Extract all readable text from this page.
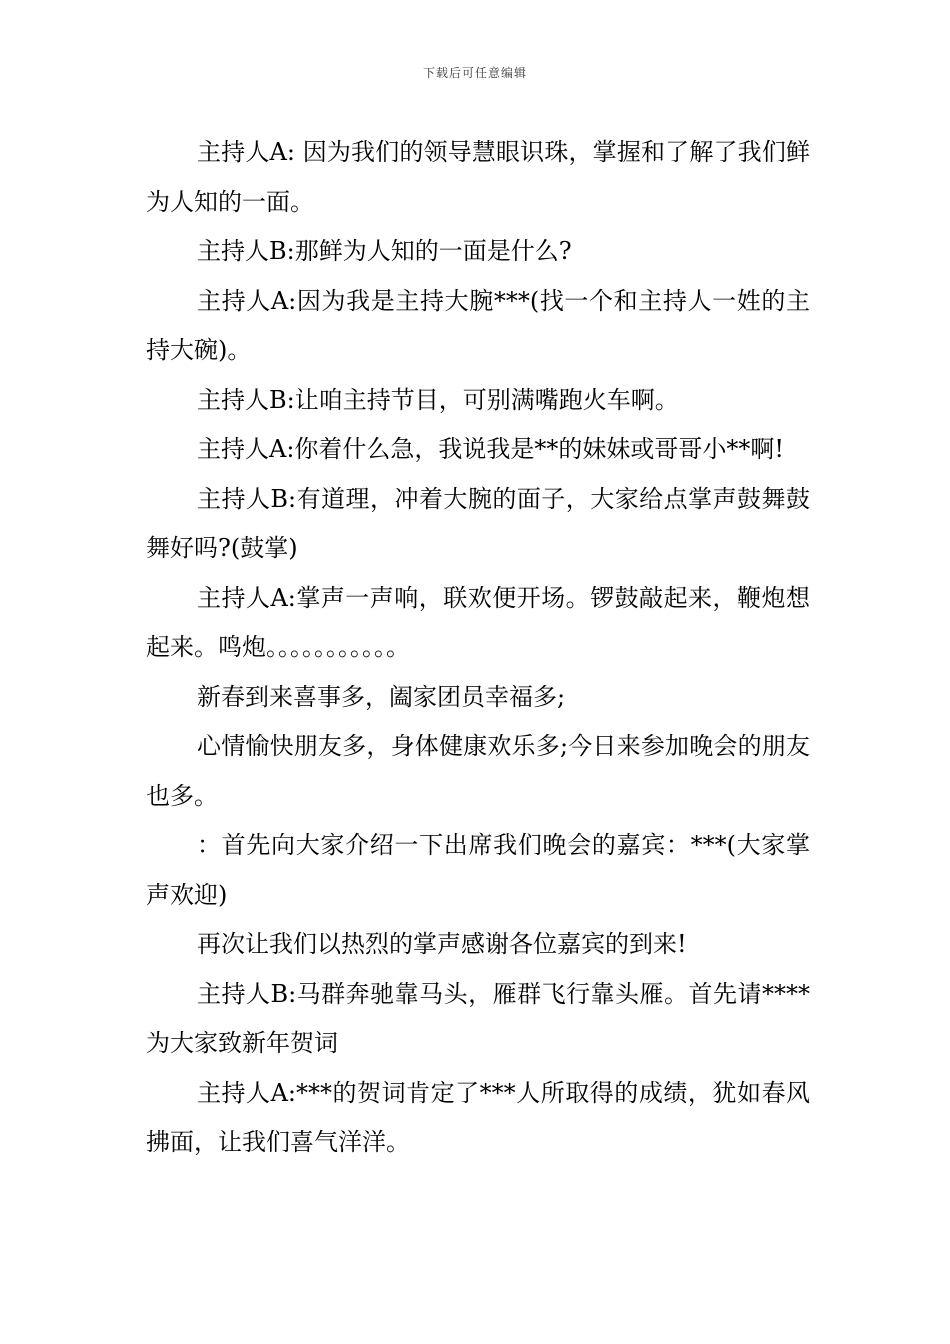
下载后可任意编辑

主持人A: 因为我们的领导慧眼识珠，掌握和了解了我们鲜为人知的一面。

主持人B:那鲜为人知的一面是什么?

主持人A:因为我是主持大腕***(找一个和主持人一姓的主持大碗)。

主持人B:让咱主持节目，可别满嘴跑火车啊。

主持人A:你着什么急，我说我是**的妹妹或哥哥小**啊!

主持人B:有道理，冲着大腕的面子，大家给点掌声鼓舞鼓舞好吗?(鼓掌)

主持人A:掌声一声响，联欢便开场。锣鼓敲起来，鞭炮想起来。鸣炮。。。。。。。。。。。

新春到来喜事多，阖家团员幸福多;

心情愉快朋友多，身体健康欢乐多;今日来参加晚会的朋友也多。

：首先向大家介绍一下出席我们晚会的嘉宾：***(大家掌声欢迎)

再次让我们以热烈的掌声感谢各位嘉宾的到来!

主持人B:马群奔驰靠马头，雁群飞行靠头雁。首先请****为大家致新年贺词

主持人A:***的贺词肯定了***人所取得的成绩，犹如春风拂面，让我们喜气洋洋。
